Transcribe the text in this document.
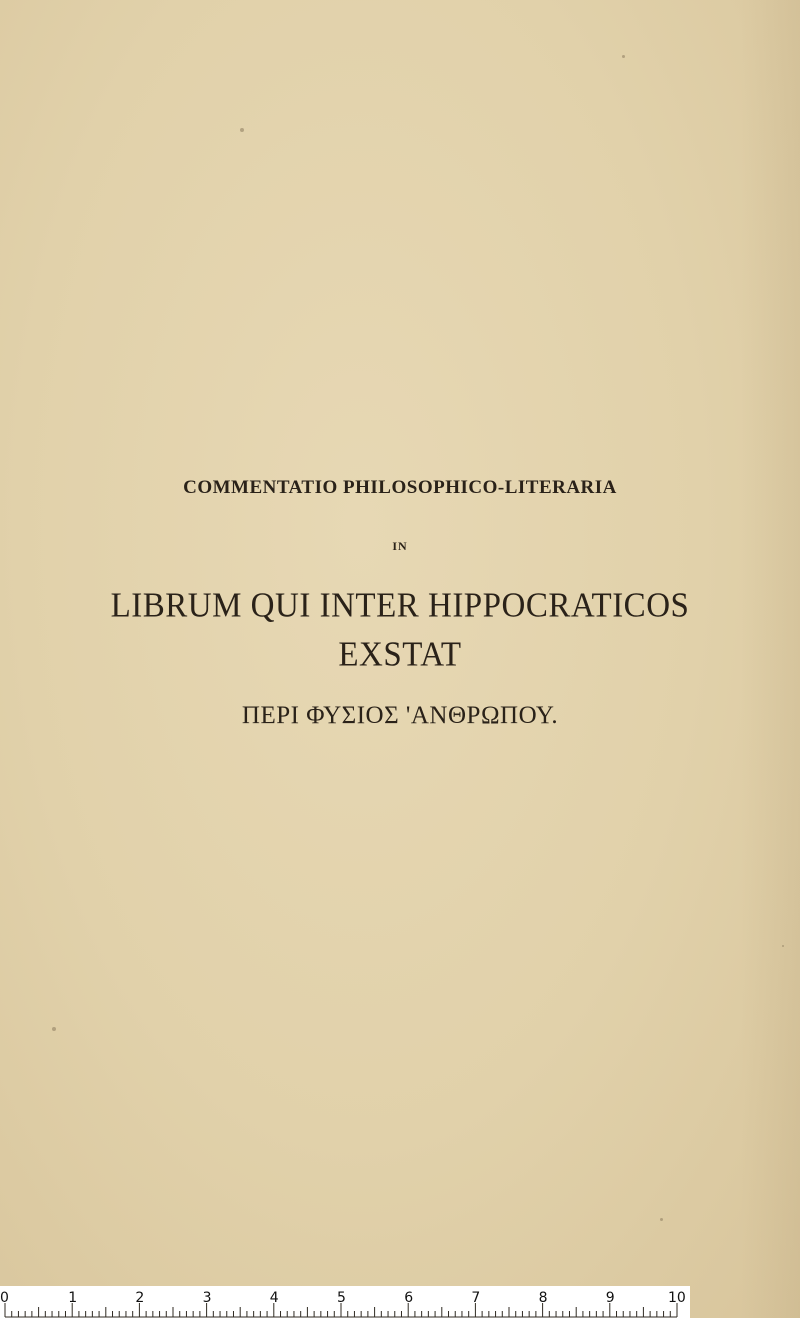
COMMENTATIO PHILOSOPHICO-LITERARIA
IN
LIBRUM QUI INTER HIPPOCRATICOS
EXSTAT
ΠΕΡΙ ΦΥΣΙΟΣ 'ΑΝΘΡΩΠΟΥ.
0	1	2	3	4	5	6	7	8	9	10
